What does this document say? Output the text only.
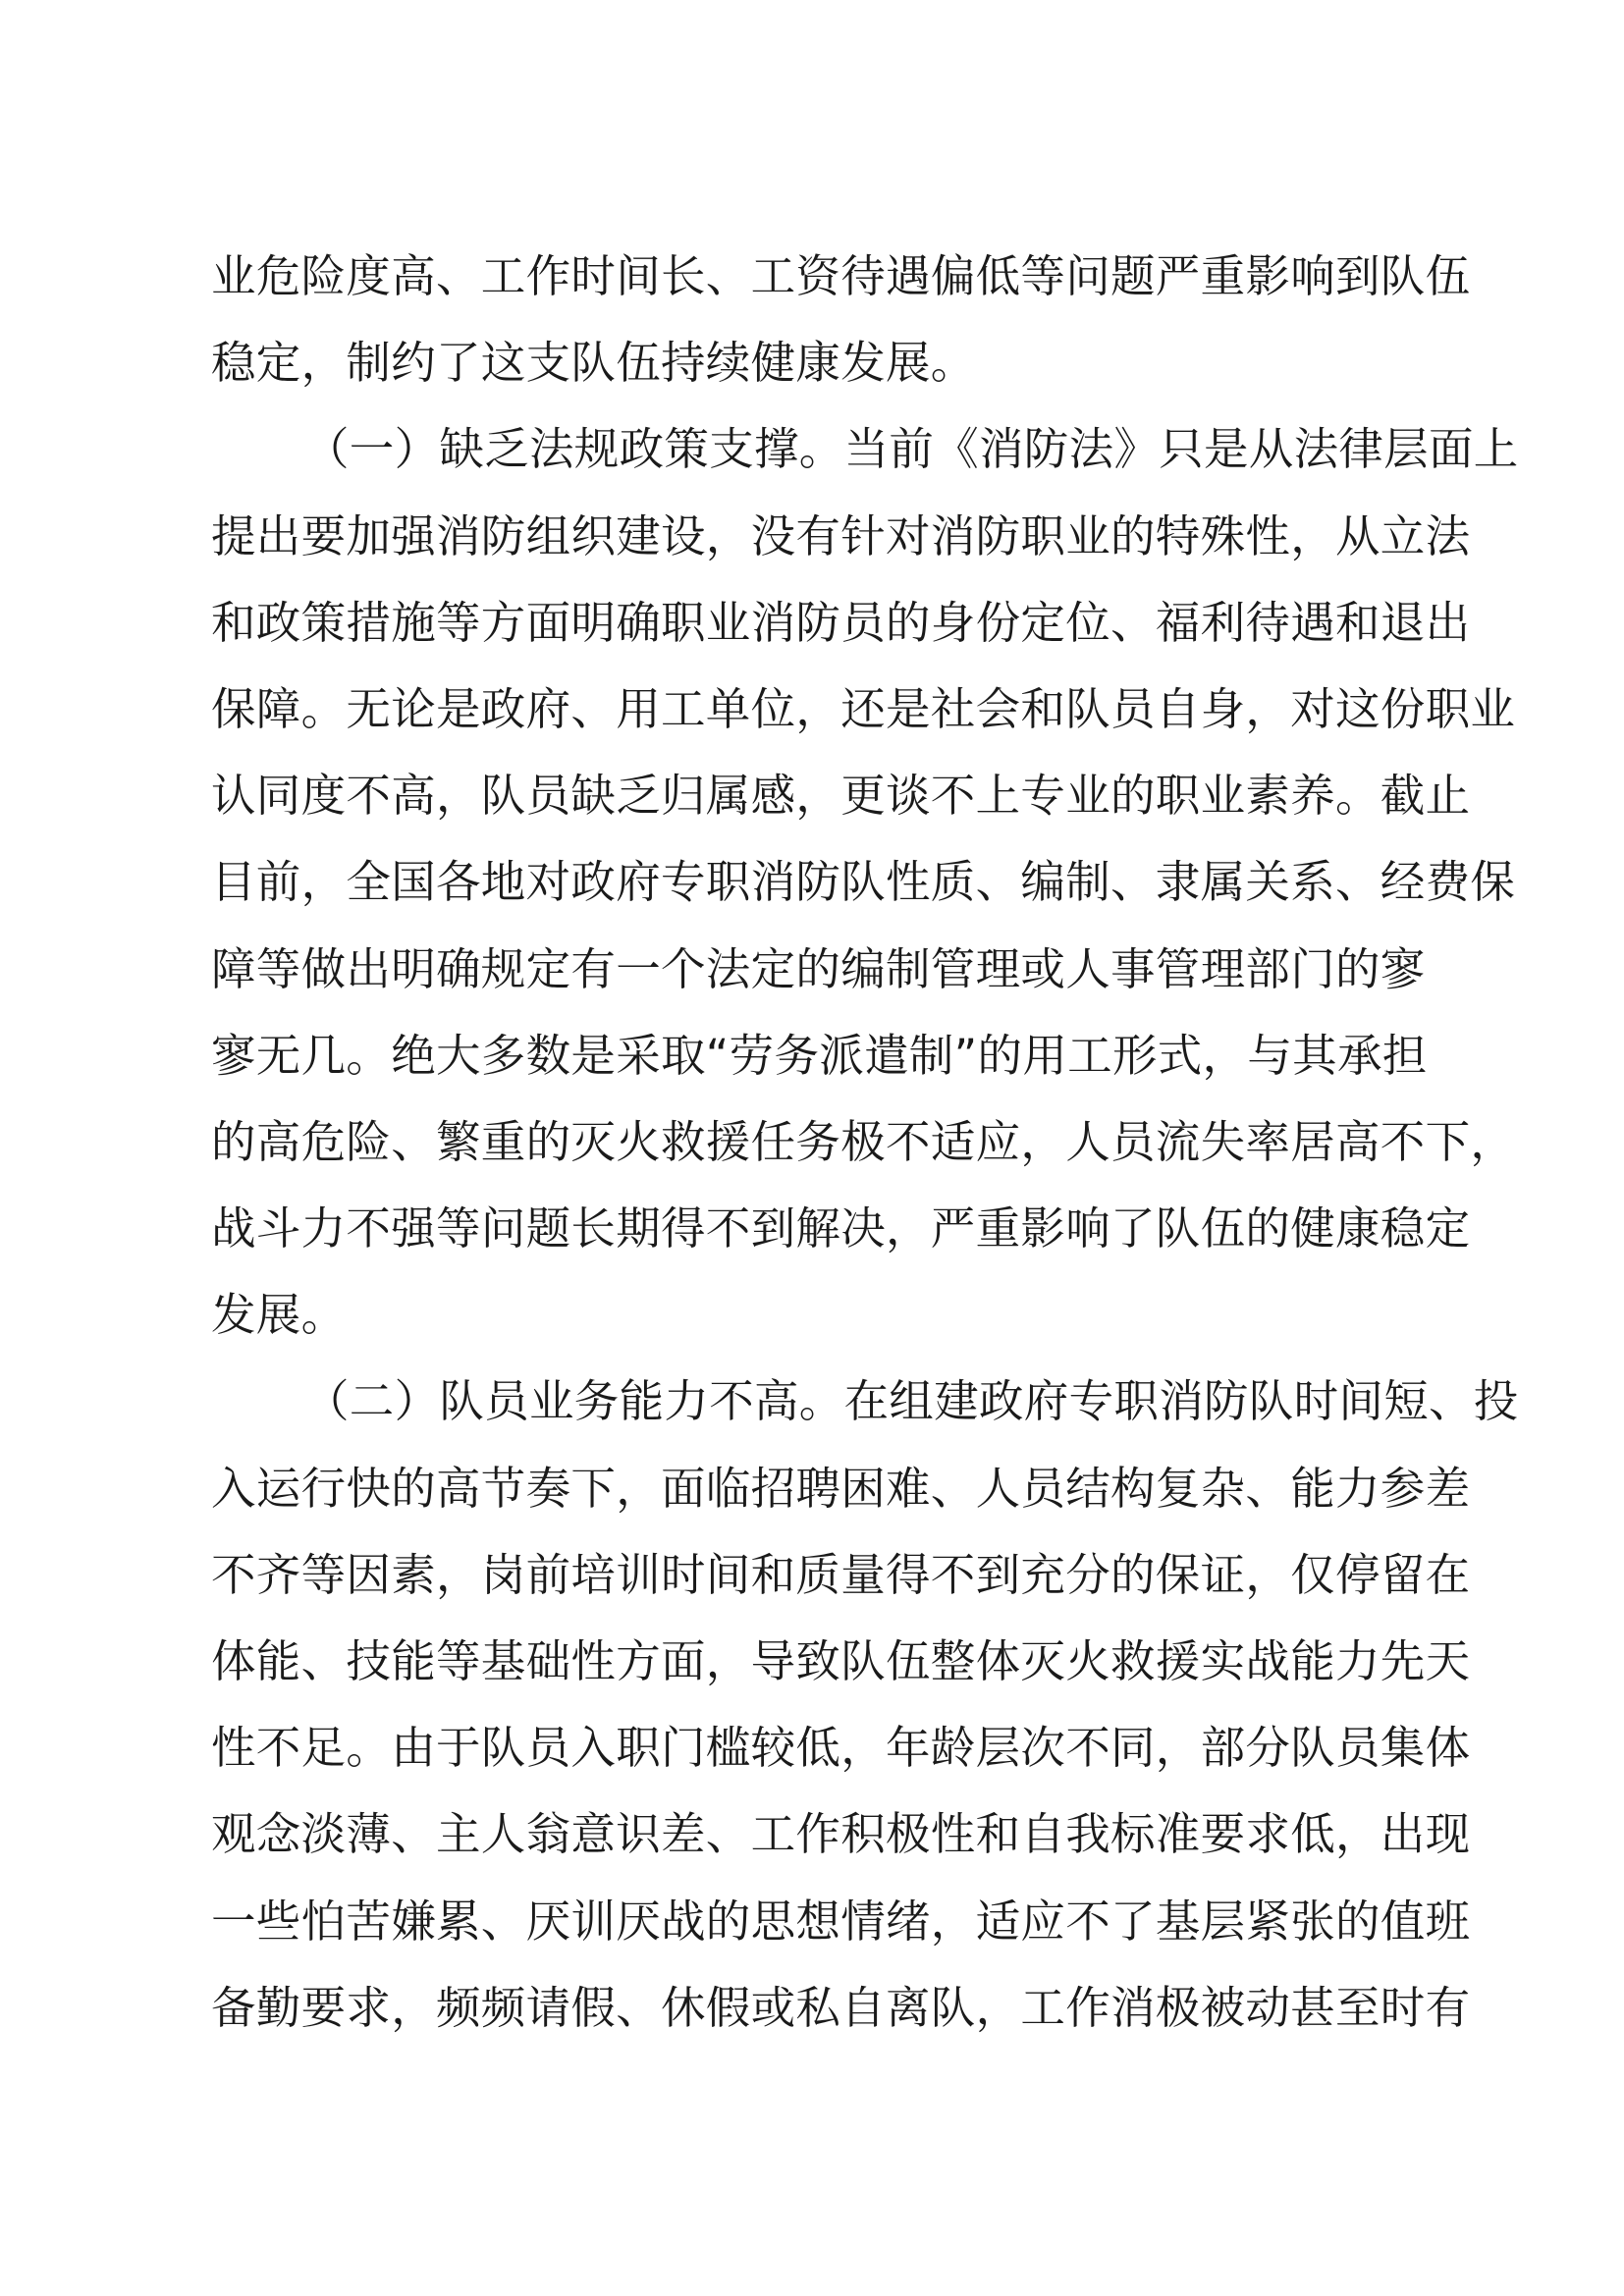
业危险度高、工作时间长、工资待遇偏低等问题严重影响到队伍
稳定，制约了这支队伍持续健康发展。
（一）缺乏法规政策支撑。当前《消防法》只是从法律层面上
提出要加强消防组织建设，没有针对消防职业的特殊性，从立法
和政策措施等方面明确职业消防员的身份定位、福利待遇和退出
保障。无论是政府、用工单位，还是社会和队员自身，对这份职业
认同度不高，队员缺乏归属感，更谈不上专业的职业素养。截止
目前，全国各地对政府专职消防队性质、编制、隶属关系、经费保
障等做出明确规定有一个法定的编制管理或人事管理部门的寥
寥无几。绝大多数是采取“劳务派遣制”的用工形式，与其承担
的高危险、繁重的灭火救援任务极不适应，人员流失率居高不下，
战斗力不强等问题长期得不到解决，严重影响了队伍的健康稳定
发展。
（二）队员业务能力不高。在组建政府专职消防队时间短、投
入运行快的高节奏下，面临招聘困难、人员结构复杂、能力参差
不齐等因素，岗前培训时间和质量得不到充分的保证，仅停留在
体能、技能等基础性方面，导致队伍整体灭火救援实战能力先天
性不足。由于队员入职门槛较低，年龄层次不同，部分队员集体
观念淡薄、主人翁意识差、工作积极性和自我标准要求低，出现
一些怕苦嫌累、厌训厌战的思想情绪，适应不了基层紧张的值班
备勤要求，频频请假、休假或私自离队，工作消极被动甚至时有
